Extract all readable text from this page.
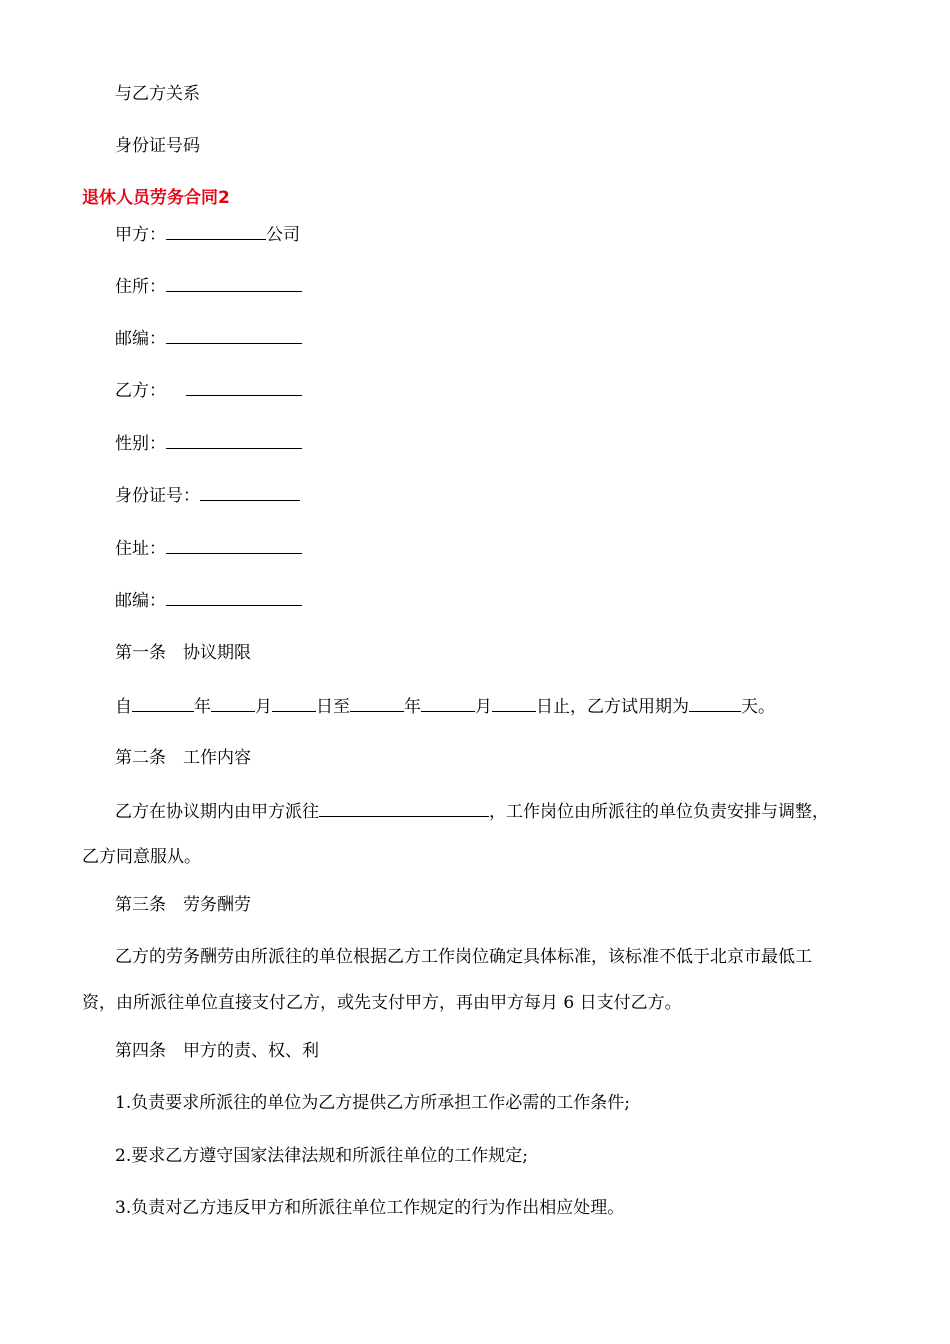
与乙方关系
身份证号码
退休人员劳务合同2
甲方：	公司
住所：
邮编：
乙方：
性别：
身份证号：
住址：
邮编：
第一条　协议期限
自	年	月	日至	年	月	日止，乙方试用期为	天。
第二条　工作内容
乙方在协议期内由甲方派往	，工作岗位由所派往的单位负责安排与调整，
乙方同意服从。
第三条　劳务酬劳
乙方的劳务酬劳由所派往的单位根据乙方工作岗位确定具体标准，该标准不低于北京市最低工
资，由所派往单位直接支付乙方，或先支付甲方，再由甲方每月 6 日支付乙方。
第四条　甲方的责、权、利
1.负责要求所派往的单位为乙方提供乙方所承担工作必需的工作条件;
2.要求乙方遵守国家法律法规和所派往单位的工作规定;
3.负责对乙方违反甲方和所派往单位工作规定的行为作出相应处理。
